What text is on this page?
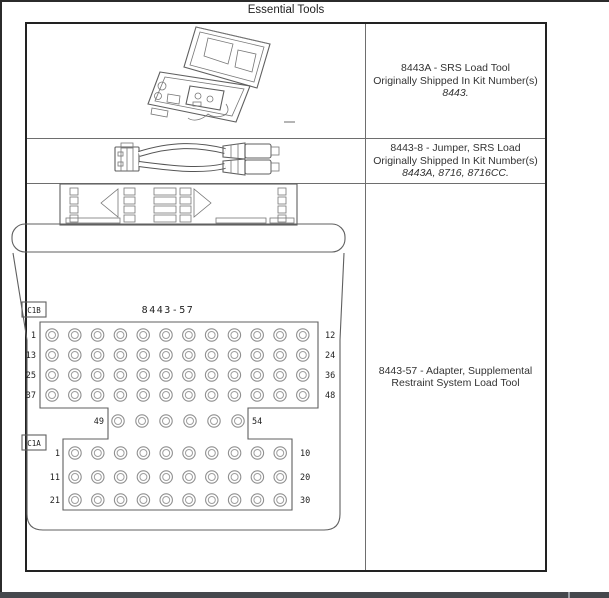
Essential Tools
8443A - SRS Load Tool
Originally Shipped In Kit Number(s)
8443.
8443-8 - Jumper, SRS Load
Originally Shipped In Kit Number(s)
8443A, 8716, 8716CC.
8443-57 - Adapter, Supplemental
Restraint System Load Tool
1	12
13	24
25	36
37	48
1	10
11	20
21	30
49	54
C1B
C1A
8443-57
